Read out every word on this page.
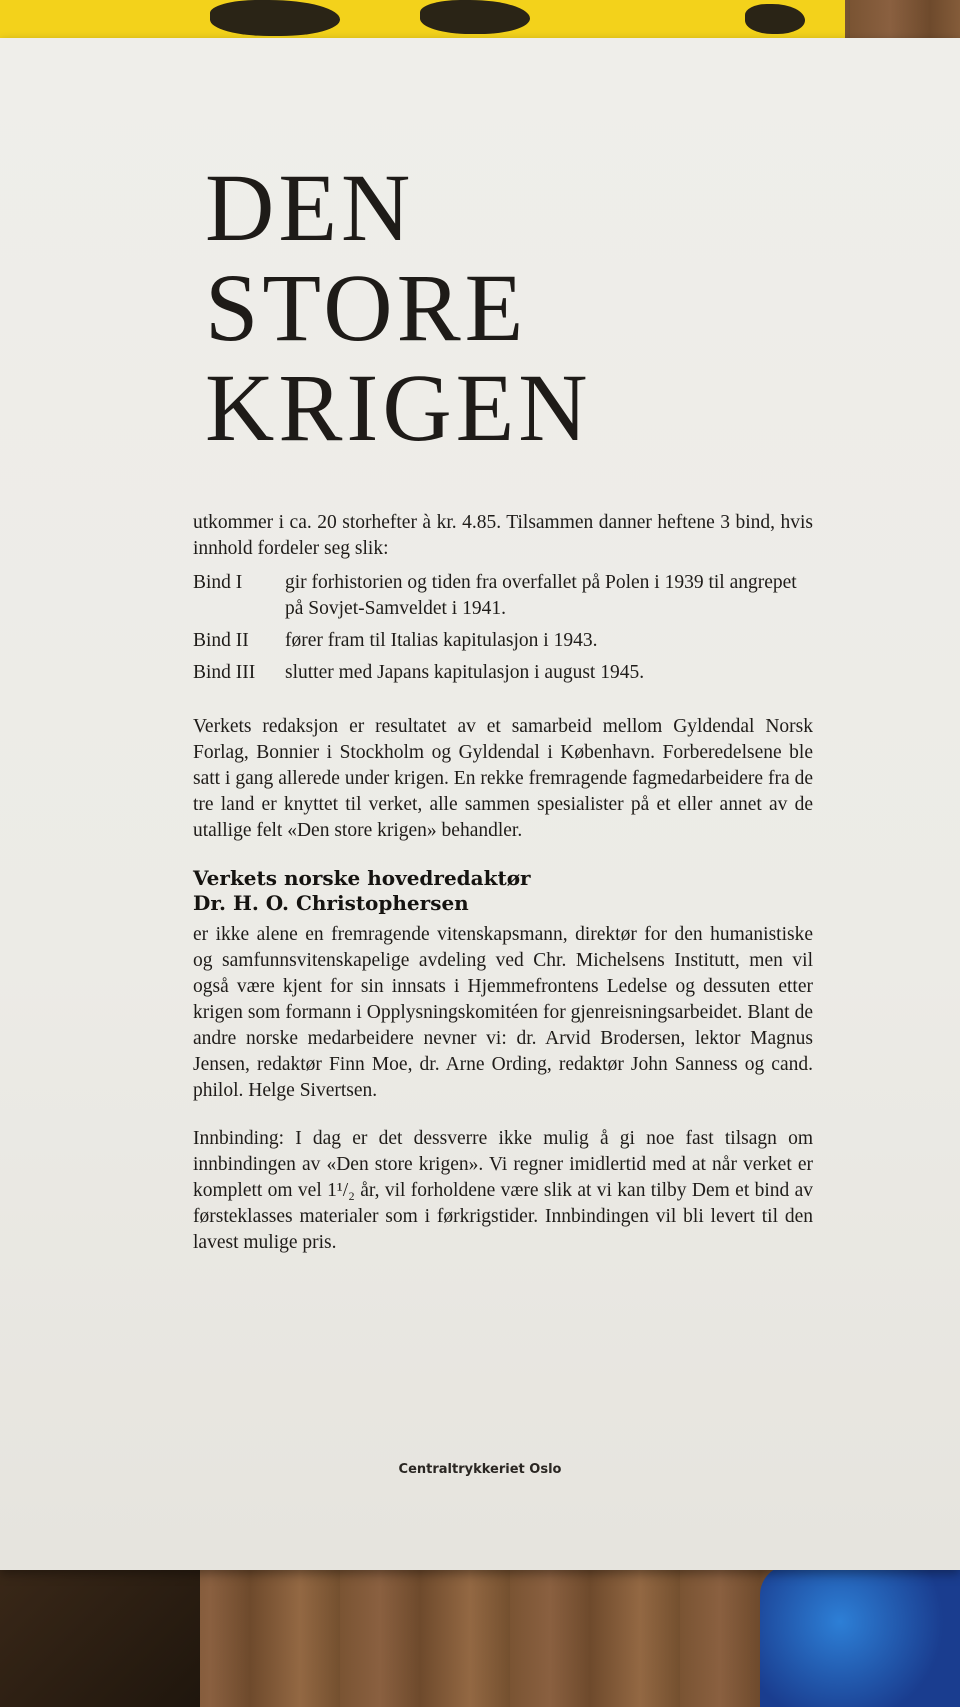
DEN
STORE
KRIGEN

utkommer i ca. 20 storhefter à kr. 4.85. Tilsammen danner heftene 3 bind, hvis innhold fordeler seg slik:

Bind I	gir forhistorien og tiden fra overfallet på Polen i 1939 til angrepet på Sovjet-Samveldet i 1941.
Bind II	fører fram til Italias kapitulasjon i 1943.
Bind III	slutter med Japans kapitulasjon i august 1945.

Verkets redaksjon er resultatet av et samarbeid mellom Gyldendal Norsk Forlag, Bonnier i Stockholm og Gyldendal i København. Forberedelsene ble satt i gang allerede under krigen. En rekke fremragende fagmedarbeidere fra de tre land er knyttet til verket, alle sammen spesialister på et eller annet av de utallige felt «Den store krigen» behandler.

Verkets norske hovedredaktør

Dr. H. O. Christophersen

er ikke alene en fremragende vitenskapsmann, direktør for den humanistiske og samfunnsvitenskapelige avdeling ved Chr. Michelsens Institutt, men vil også være kjent for sin innsats i Hjemmefrontens Ledelse og dessuten etter krigen som formann i Opplysningskomitéen for gjenreisningsarbeidet. Blant de andre norske medarbeidere nevner vi: dr. Arvid Brodersen, lektor Magnus Jensen, redaktør Finn Moe, dr. Arne Ording, redaktør John Sanness og cand. philol. Helge Sivertsen.

Innbinding: I dag er det dessverre ikke mulig å gi noe fast tilsagn om innbindingen av «Den store krigen». Vi regner imidlertid med at når verket er komplett om vel 1¹/₂ år, vil forholdene være slik at vi kan tilby Dem et bind av førsteklasses materialer som i førkrigstider. Innbindingen vil bli levert til den lavest mulige pris.

Centraltrykkeriet Oslo
